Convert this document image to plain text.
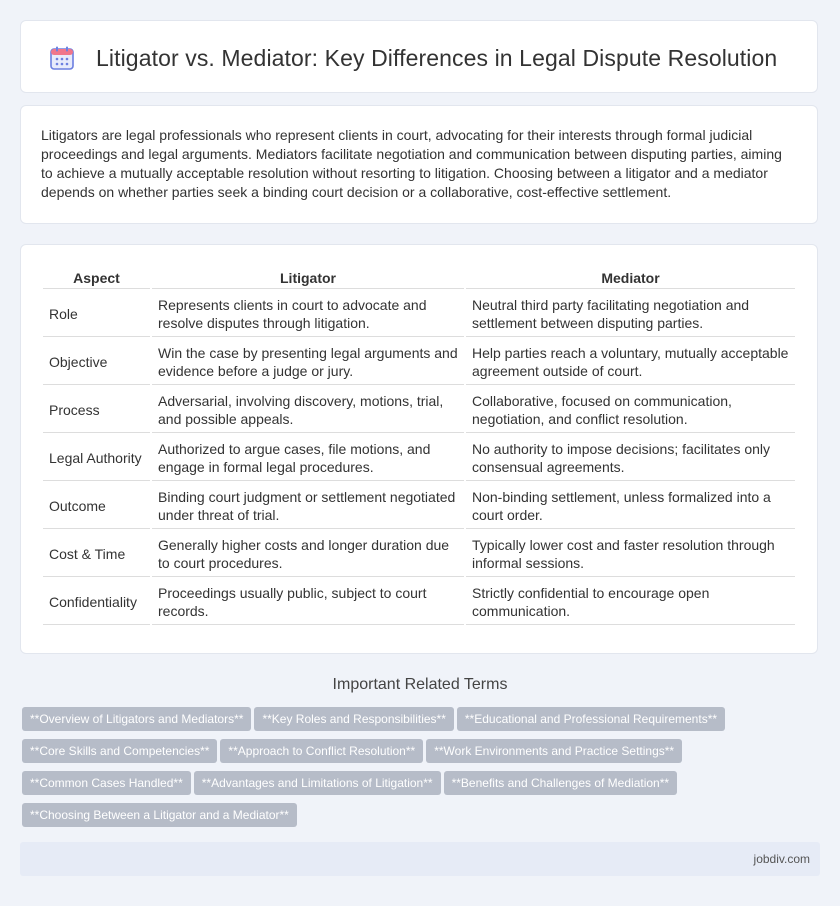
Litigator vs. Mediator: Key Differences in Legal Dispute Resolution

Litigators are legal professionals who represent clients in court, advocating for their interests through formal judicial proceedings and legal arguments. Mediators facilitate negotiation and communication between disputing parties, aiming to achieve a mutually acceptable resolution without resorting to litigation. Choosing between a litigator and a mediator depends on whether parties seek a binding court decision or a collaborative, cost-effective settlement.

Aspect	Litigator	Mediator
Role	Represents clients in court to advocate and resolve disputes through litigation.	Neutral third party facilitating negotiation and settlement between disputing parties.
Objective	Win the case by presenting legal arguments and evidence before a judge or jury.	Help parties reach a voluntary, mutually acceptable agreement outside of court.
Process	Adversarial, involving discovery, motions, trial, and possible appeals.	Collaborative, focused on communication, negotiation, and conflict resolution.
Legal Authority	Authorized to argue cases, file motions, and engage in formal legal procedures.	No authority to impose decisions; facilitates only consensual agreements.
Outcome	Binding court judgment or settlement negotiated under threat of trial.	Non-binding settlement, unless formalized into a court order.
Cost & Time	Generally higher costs and longer duration due to court procedures.	Typically lower cost and faster resolution through informal sessions.
Confidentiality	Proceedings usually public, subject to court records.	Strictly confidential to encourage open communication.
Important Related Terms
**Overview of Litigators and Mediators** **Key Roles and Responsibilities** **Educational and Professional Requirements**
**Core Skills and Competencies** **Approach to Conflict Resolution** **Work Environments and Practice Settings**
**Common Cases Handled** **Advantages and Limitations of Litigation** **Benefits and Challenges of Mediation**
**Choosing Between a Litigator and a Mediator**
jobdiv.com
